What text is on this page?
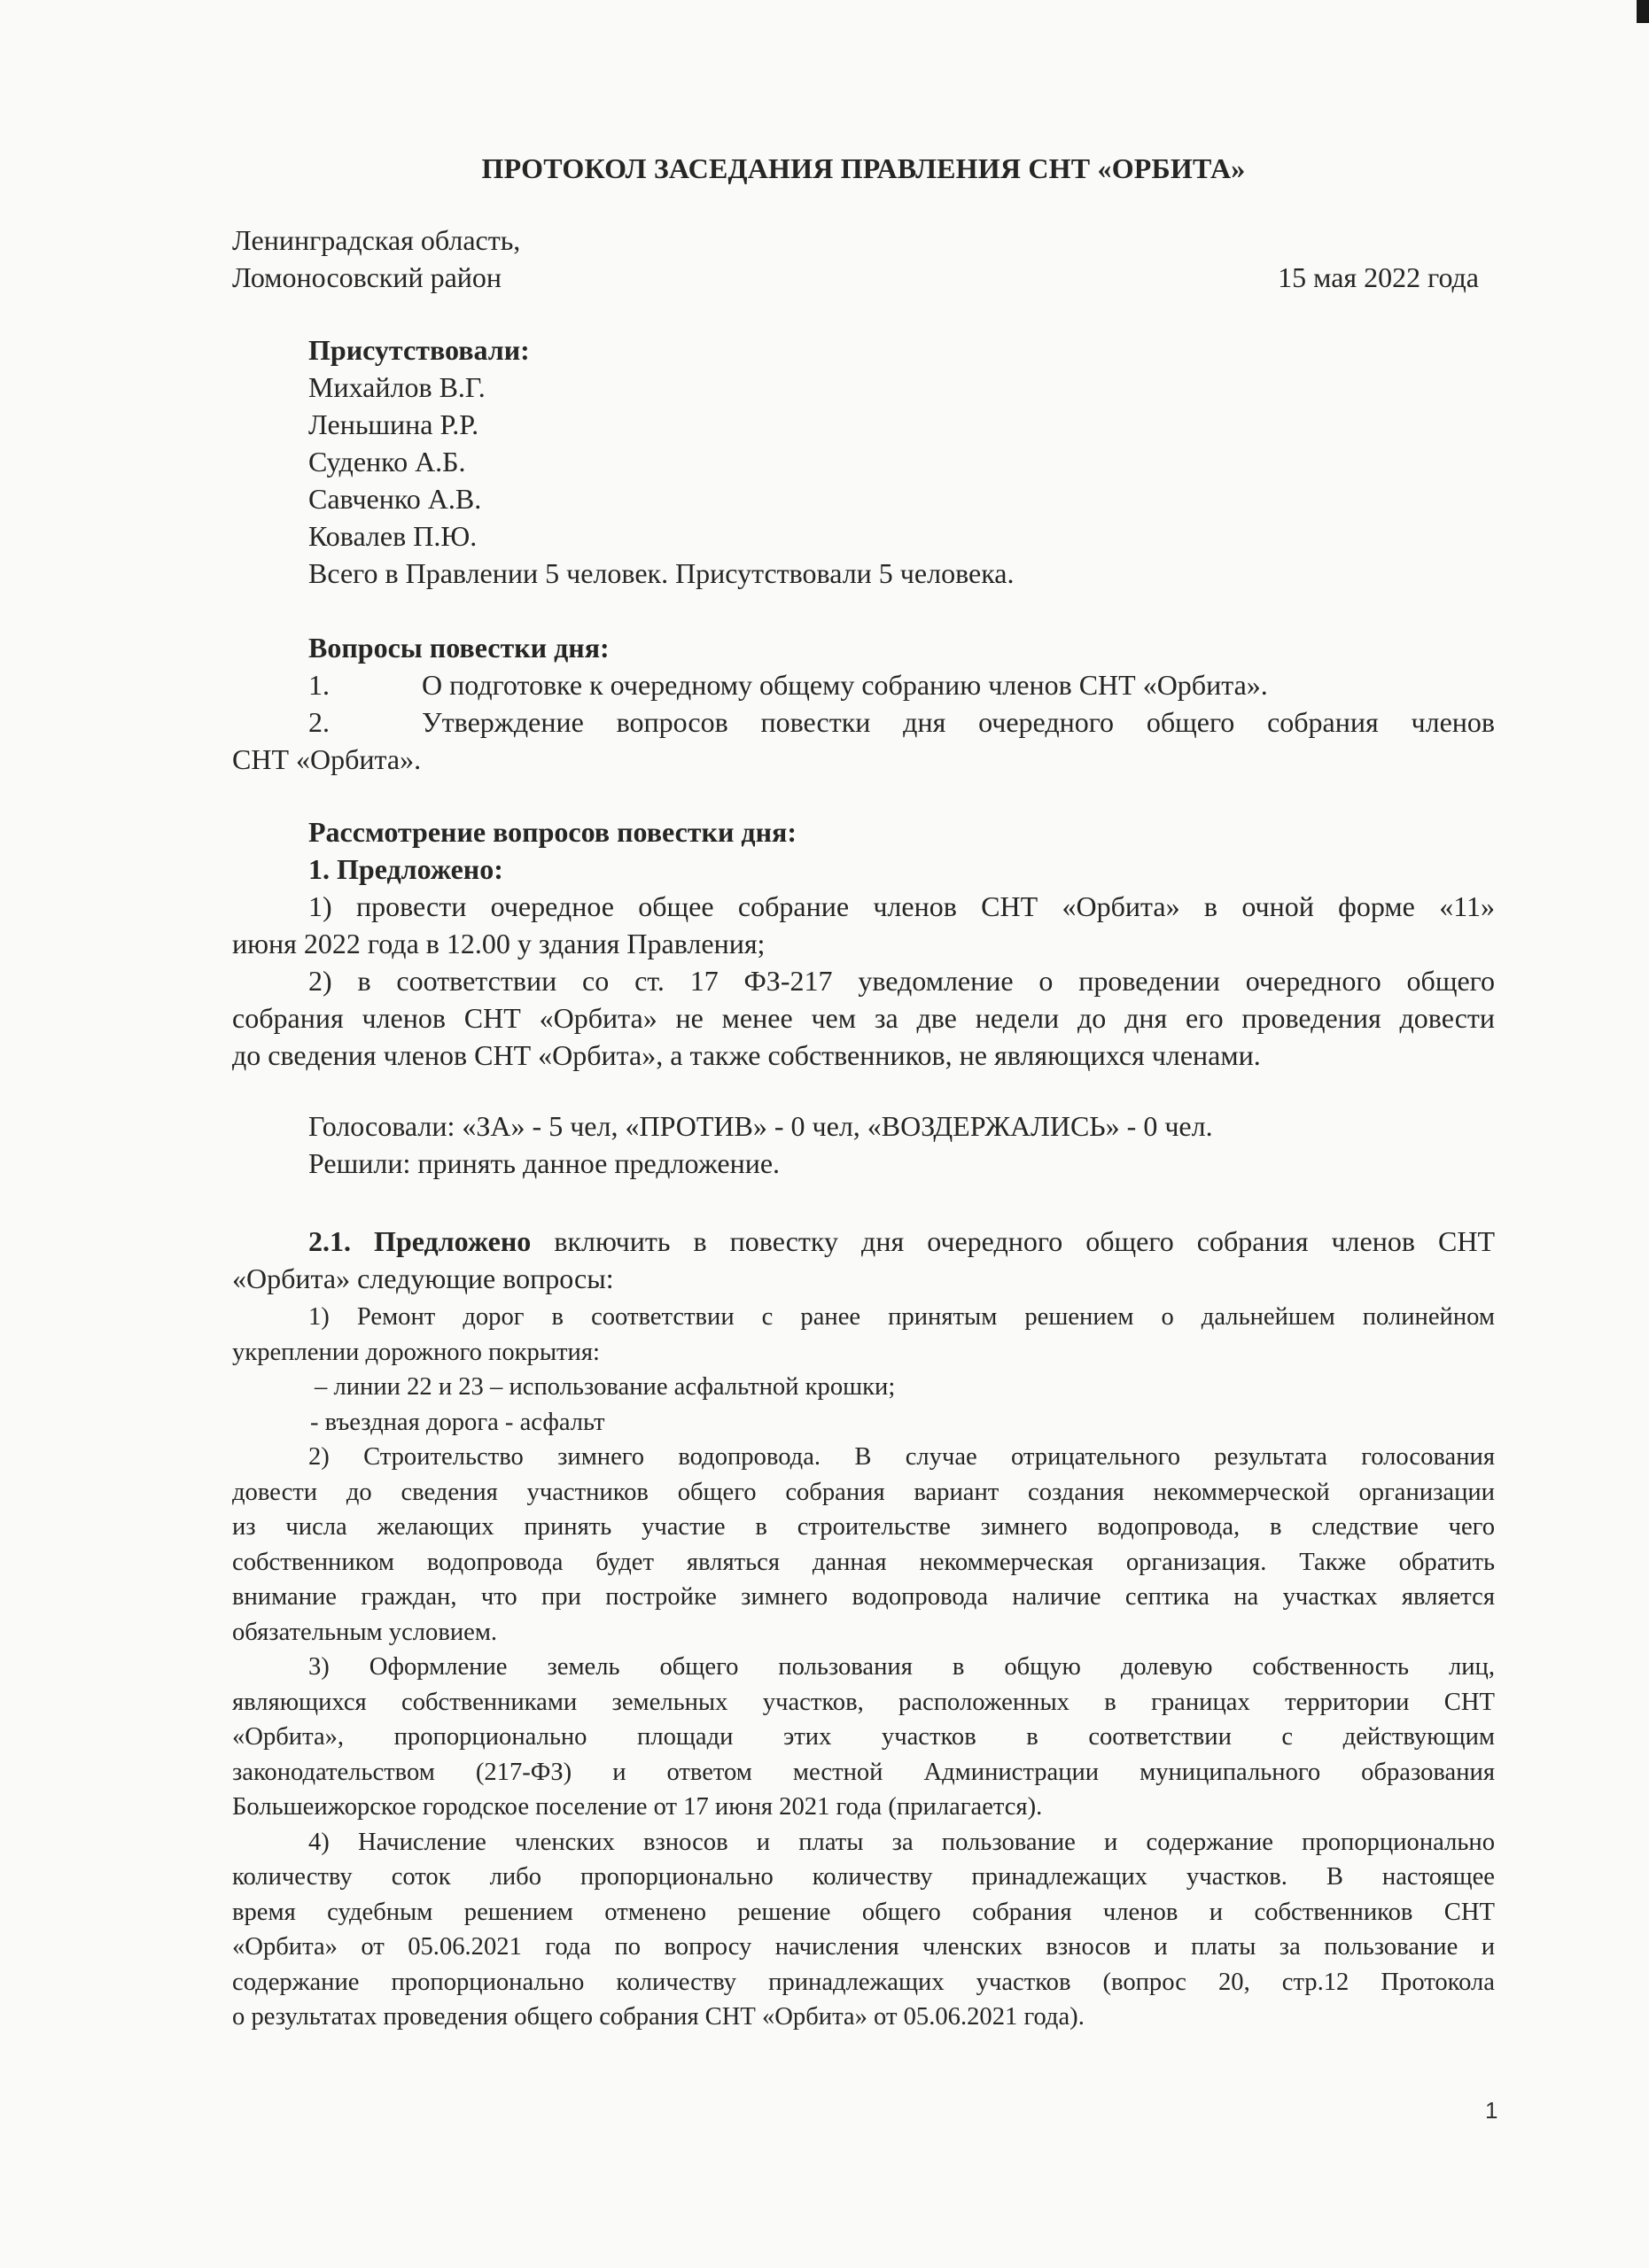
ПРОТОКОЛ ЗАСЕДАНИЯ ПРАВЛЕНИЯ СНТ «ОРБИТА»
Ленинградская область,
Ломоносовский район	15 мая 2022 года
Присутствовали:
Михайлов В.Г.
Леньшина Р.Р.
Суденко А.Б.
Савченко А.В.
Ковалев П.Ю.
Всего в Правлении 5 человек. Присутствовали 5 человека.
Вопросы повестки дня:
1.	О подготовке к очередному общему собранию членов СНТ «Орбита».
2.	Утверждение вопросов повестки дня очередного общего собрания членов
СНТ «Орбита».
Рассмотрение вопросов повестки дня:
1. Предложено:
1) провести очередное общее собрание членов СНТ «Орбита» в очной форме «11»
июня 2022 года в 12.00 у здания Правления;
2) в соответствии со ст. 17 ФЗ-217 уведомление о проведении очередного общего
собрания членов СНТ «Орбита» не менее чем за две недели до дня его проведения довести
до сведения членов СНТ «Орбита», а также собственников, не являющихся членами.
Голосовали: «ЗА» - 5 чел, «ПРОТИВ» - 0 чел, «ВОЗДЕРЖАЛИСЬ» - 0 чел.
Решили: принять данное предложение.
2.1. Предложено включить в повестку дня очередного общего собрания членов СНТ
«Орбита» следующие вопросы:
1) Ремонт дорог в соответствии с ранее принятым решением о дальнейшем полинейном
укреплении дорожного покрытия:
– линии 22 и 23 – использование асфальтной крошки;
- въездная дорога - асфальт
2) Строительство зимнего водопровода. В случае отрицательного результата голосования
довести до сведения участников общего собрания вариант создания некоммерческой организации
из числа желающих принять участие в строительстве зимнего водопровода, в следствие чего
собственником водопровода будет являться данная некоммерческая организация. Также обратить
внимание граждан, что при постройке зимнего водопровода наличие септика на участках является
обязательным условием.
3) Оформление земель общего пользования в общую долевую собственность лиц,
являющихся собственниками земельных участков, расположенных в границах территории СНТ
«Орбита», пропорционально площади этих участков в соответствии с действующим
законодательством (217-ФЗ) и ответом местной Администрации муниципального образования
Большеижорское городское поселение от 17 июня 2021 года (прилагается).
4) Начисление членских взносов и платы за пользование и содержание пропорционально
количеству соток либо пропорционально количеству принадлежащих участков. В настоящее
время судебным решением отменено решение общего собрания членов и собственников СНТ
«Орбита» от 05.06.2021 года по вопросу начисления членских взносов и платы за пользование и
содержание пропорционально количеству принадлежащих участков (вопрос 20, стр.12 Протокола
о результатах проведения общего собрания СНТ «Орбита» от 05.06.2021 года).
1
